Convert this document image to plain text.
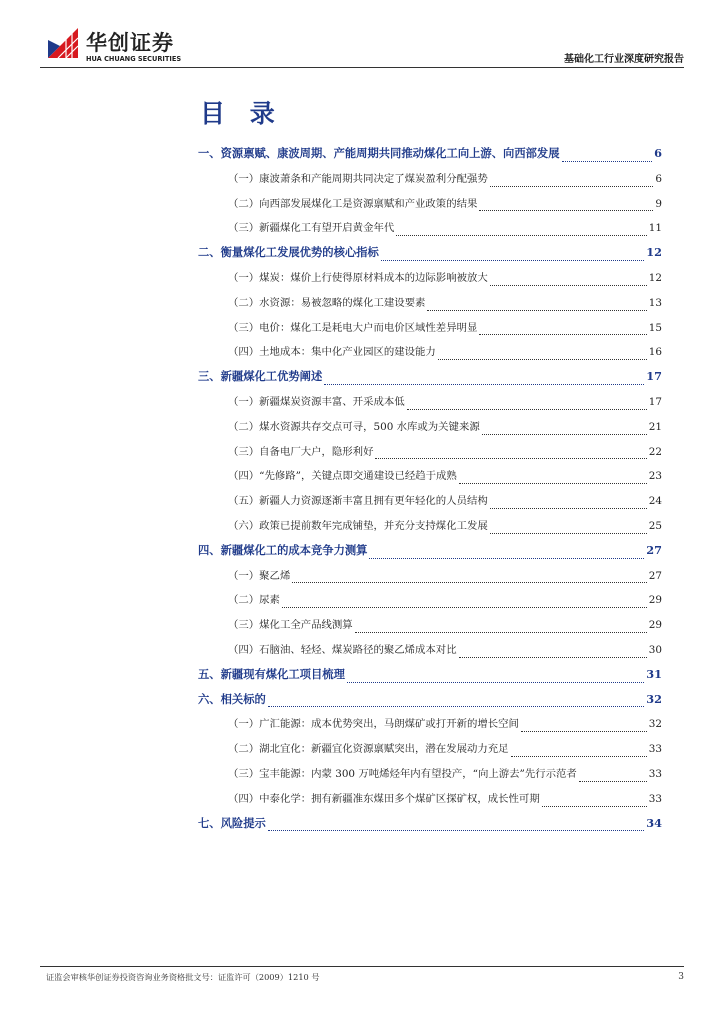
华创证券
HUA CHUANG SECURITIES	基础化工行业深度研究报告
目 录
一、资源禀赋、康波周期、产能周期共同推动煤化工向上游、向西部发展	6
（一）康波萧条和产能周期共同决定了煤炭盈利分配强势	6
（二）向西部发展煤化工是资源禀赋和产业政策的结果	9
（三）新疆煤化工有望开启黄金年代	11
二、衡量煤化工发展优势的核心指标	12
（一）煤炭：煤价上行使得原材料成本的边际影响被放大	12
（二）水资源：易被忽略的煤化工建设要素	13
（三）电价：煤化工是耗电大户而电价区域性差异明显	15
（四）土地成本：集中化产业园区的建设能力	16
三、新疆煤化工优势阐述	17
（一）新疆煤炭资源丰富、开采成本低	17
（二）煤水资源共存交点可寻，500 水库或为关键来源	21
（三）自备电厂大户，隐形利好	22
（四）“先修路”，关键点即交通建设已经趋于成熟	23
（五）新疆人力资源逐渐丰富且拥有更年轻化的人员结构	24
（六）政策已提前数年完成铺垫，并充分支持煤化工发展	25
四、新疆煤化工的成本竞争力测算	27
（一）聚乙烯	27
（二）尿素	29
（三）煤化工全产品线测算	29
（四）石脑油、轻烃、煤炭路径的聚乙烯成本对比	30
五、新疆现有煤化工项目梳理	31
六、相关标的	32
（一）广汇能源：成本优势突出，马朗煤矿或打开新的增长空间	32
（二）湖北宜化：新疆宜化资源禀赋突出，潜在发展动力充足	33
（三）宝丰能源：内蒙 300 万吨烯烃年内有望投产，“向上游去”先行示范者	33
（四）中泰化学：拥有新疆准东煤田多个煤矿区探矿权，成长性可期	33
七、风险提示	34
证监会审核华创证券投资咨询业务资格批文号：证监许可（2009）1210 号	3
